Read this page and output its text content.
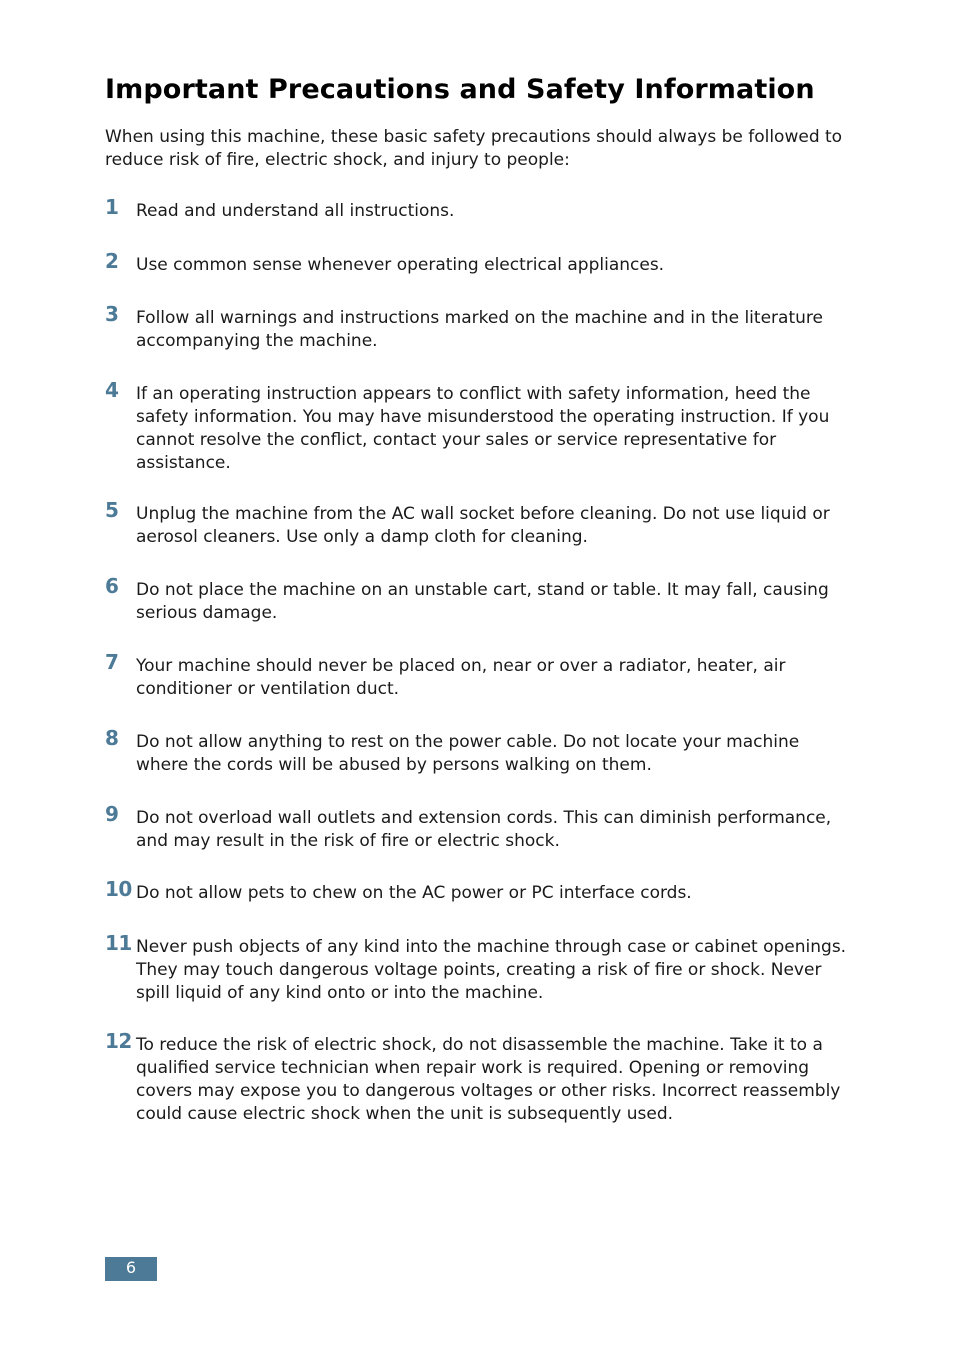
Important Precautions and Safety Information

When using this machine, these basic safety precautions should always be followed to reduce risk of fire, electric shock, and injury to people:

1 Read and understand all instructions.

2 Use common sense whenever operating electrical appliances.

3 Follow all warnings and instructions marked on the machine and in the literature accompanying the machine.

4 If an operating instruction appears to conflict with safety information, heed the safety information. You may have misunderstood the operating instruction. If you cannot resolve the conflict, contact your sales or service representative for assistance.

5 Unplug the machine from the AC wall socket before cleaning. Do not use liquid or aerosol cleaners. Use only a damp cloth for cleaning.

6 Do not place the machine on an unstable cart, stand or table. It may fall, causing serious damage.

7 Your machine should never be placed on, near or over a radiator, heater, air conditioner or ventilation duct.

8 Do not allow anything to rest on the power cable. Do not locate your machine where the cords will be abused by persons walking on them.

9 Do not overload wall outlets and extension cords. This can diminish performance, and may result in the risk of fire or electric shock.

10 Do not allow pets to chew on the AC power or PC interface cords.

11 Never push objects of any kind into the machine through case or cabinet openings. They may touch dangerous voltage points, creating a risk of fire or shock. Never spill liquid of any kind onto or into the machine.

12 To reduce the risk of electric shock, do not disassemble the machine. Take it to a qualified service technician when repair work is required. Opening or removing covers may expose you to dangerous voltages or other risks. Incorrect reassembly could cause electric shock when the unit is subsequently used.

6
